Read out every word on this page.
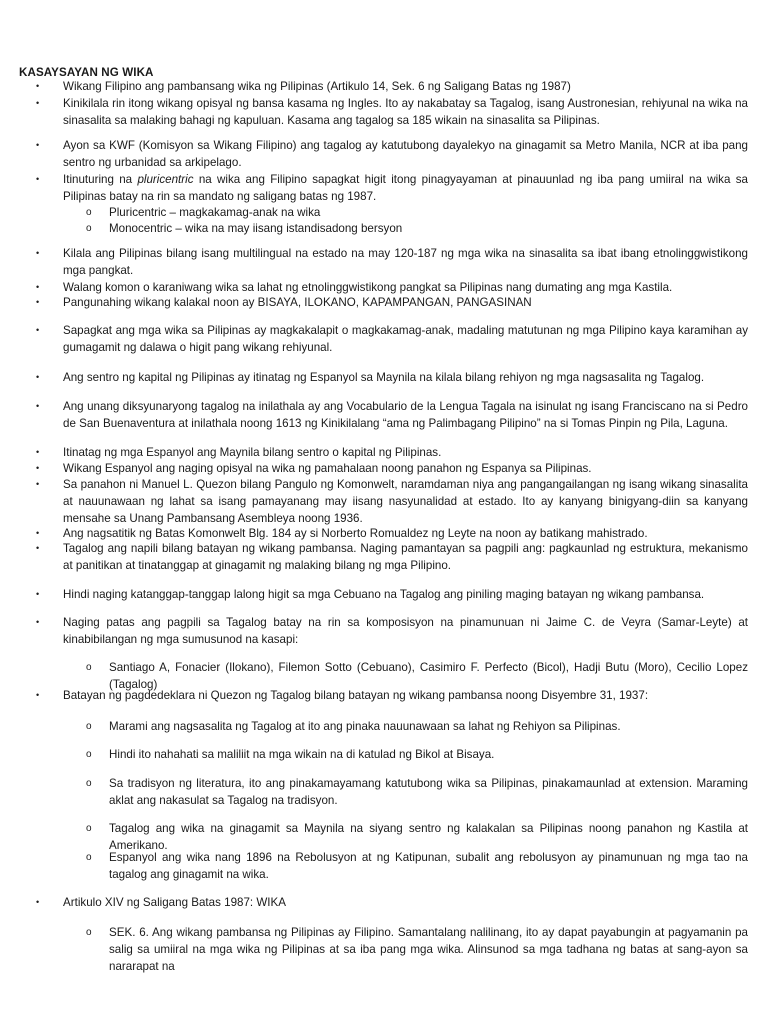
KASAYSAYAN NG WIKA
•	Wikang Filipino ang pambansang wika ng Pilipinas (Artikulo 14, Sek. 6 ng Saligang Batas ng 1987)
•	Kinikilala rin itong wikang opisyal ng bansa kasama ng Ingles. Ito ay nakabatay sa Tagalog, isang Austronesian, rehiyunal na wika na sinasalita sa malaking bahagi ng kapuluan. Kasama ang tagalog sa 185 wikain na sinasalita sa Pilipinas.
•	Ayon sa KWF (Komisyon sa Wikang Filipino) ang tagalog ay katutubong dayalekyo na ginagamit sa Metro Manila, NCR at iba pang sentro ng urbanidad sa arkipelago.
•	Itinuturing na pluricentric na wika ang Filipino sapagkat higit itong pinagyayaman at pinauunlad ng iba pang umiiral na wika sa Pilipinas batay na rin sa mandato ng saligang batas ng 1987.
o	Pluricentric – magkakamag-anak na wika
o	Monocentric – wika na may iisang istandisadong bersyon
•	Kilala ang Pilipinas bilang isang multilingual na estado na may 120-187 ng mga wika na sinasalita sa ibat ibang etnolinggwistikong mga pangkat.
•	Walang komon o karaniwang wika sa lahat ng etnolinggwistikong pangkat sa Pilipinas nang dumating ang mga Kastila.
•	Pangunahing wikang kalakal noon ay BISAYA, ILOKANO, KAPAMPANGAN, PANGASINAN
•	Sapagkat ang mga wika sa Pilipinas ay magkakalapit o magkakamag-anak, madaling matutunan ng mga Pilipino kaya karamihan ay gumagamit ng dalawa o higit pang wikang rehiyunal.
•	Ang sentro ng kapital ng Pilipinas ay itinatag ng Espanyol sa Maynila na kilala bilang rehiyon ng mga nagsasalita ng Tagalog.
•	Ang unang diksyunaryong tagalog na inilathala ay ang Vocabulario de la Lengua Tagala na isinulat ng isang Franciscano na si Pedro de San Buenaventura at inilathala noong 1613 ng Kinikilalang “ama ng Palimbagang Pilipino” na si Tomas Pinpin ng Pila, Laguna.
•	Itinatag ng mga Espanyol ang Maynila bilang sentro o kapital ng Pilipinas.
•	Wikang Espanyol ang naging opisyal na wika ng pamahalaan noong panahon ng Espanya sa Pilipinas.
•	Sa panahon ni Manuel L. Quezon bilang Pangulo ng Komonwelt, naramdaman niya ang pangangailangan ng isang wikang sinasalita at nauunawaan ng lahat sa isang pamayanang may iisang nasyunalidad at estado. Ito ay kanyang binigyang-diin sa kanyang mensahe sa Unang Pambansang Asembleya noong 1936.
•	Ang nagsatitik ng Batas Komonwelt Blg. 184 ay si Norberto Romualdez ng Leyte na noon ay batikang mahistrado.
•	Tagalog ang napili bilang batayan ng wikang pambansa. Naging pamantayan sa pagpili ang: pagkaunlad ng estruktura, mekanismo at panitikan at tinatanggap at ginagamit ng malaking bilang ng mga Pilipino.
•	Hindi naging katanggap-tanggap lalong higit sa mga Cebuano na Tagalog ang piniling maging batayan ng wikang pambansa.
•	Naging patas ang pagpili sa Tagalog batay na rin sa komposisyon na pinamunuan ni Jaime C. de Veyra (Samar-Leyte) at kinabibilangan ng mga sumusunod na kasapi:
o	Santiago A, Fonacier (Ilokano), Filemon Sotto (Cebuano), Casimiro F. Perfecto (Bicol), Hadji Butu (Moro), Cecilio Lopez (Tagalog)
•	Batayan ng pagdedeklara ni Quezon ng Tagalog bilang batayan ng wikang pambansa noong Disyembre 31, 1937:
o	Marami ang nagsasalita ng Tagalog at ito ang pinaka nauunawaan sa lahat ng Rehiyon sa Pilipinas.
o	Hindi ito nahahati sa maliliit na mga wikain na di katulad ng Bikol at Bisaya.
o	Sa tradisyon ng literatura, ito ang pinakamayamang katutubong wika sa Pilipinas, pinakamaunlad at extension. Maraming aklat ang nakasulat sa Tagalog na tradisyon.
o	Tagalog ang wika na ginagamit sa Maynila na siyang sentro ng kalakalan sa Pilipinas noong panahon ng Kastila at Amerikano.
o	Espanyol ang wika nang 1896 na Rebolusyon at ng Katipunan, subalit ang rebolusyon ay pinamunuan ng mga tao na tagalog ang ginagamit na wika.
•	Artikulo XIV ng Saligang Batas 1987: WIKA
o	SEK. 6. Ang wikang pambansa ng Pilipinas ay Filipino. Samantalang nalilinang, ito ay dapat payabungin at pagyamanin pa salig sa umiiral na mga wika ng Pilipinas at sa iba pang mga wika. Alinsunod sa mga tadhana ng batas at sang-ayon sa nararapat na
